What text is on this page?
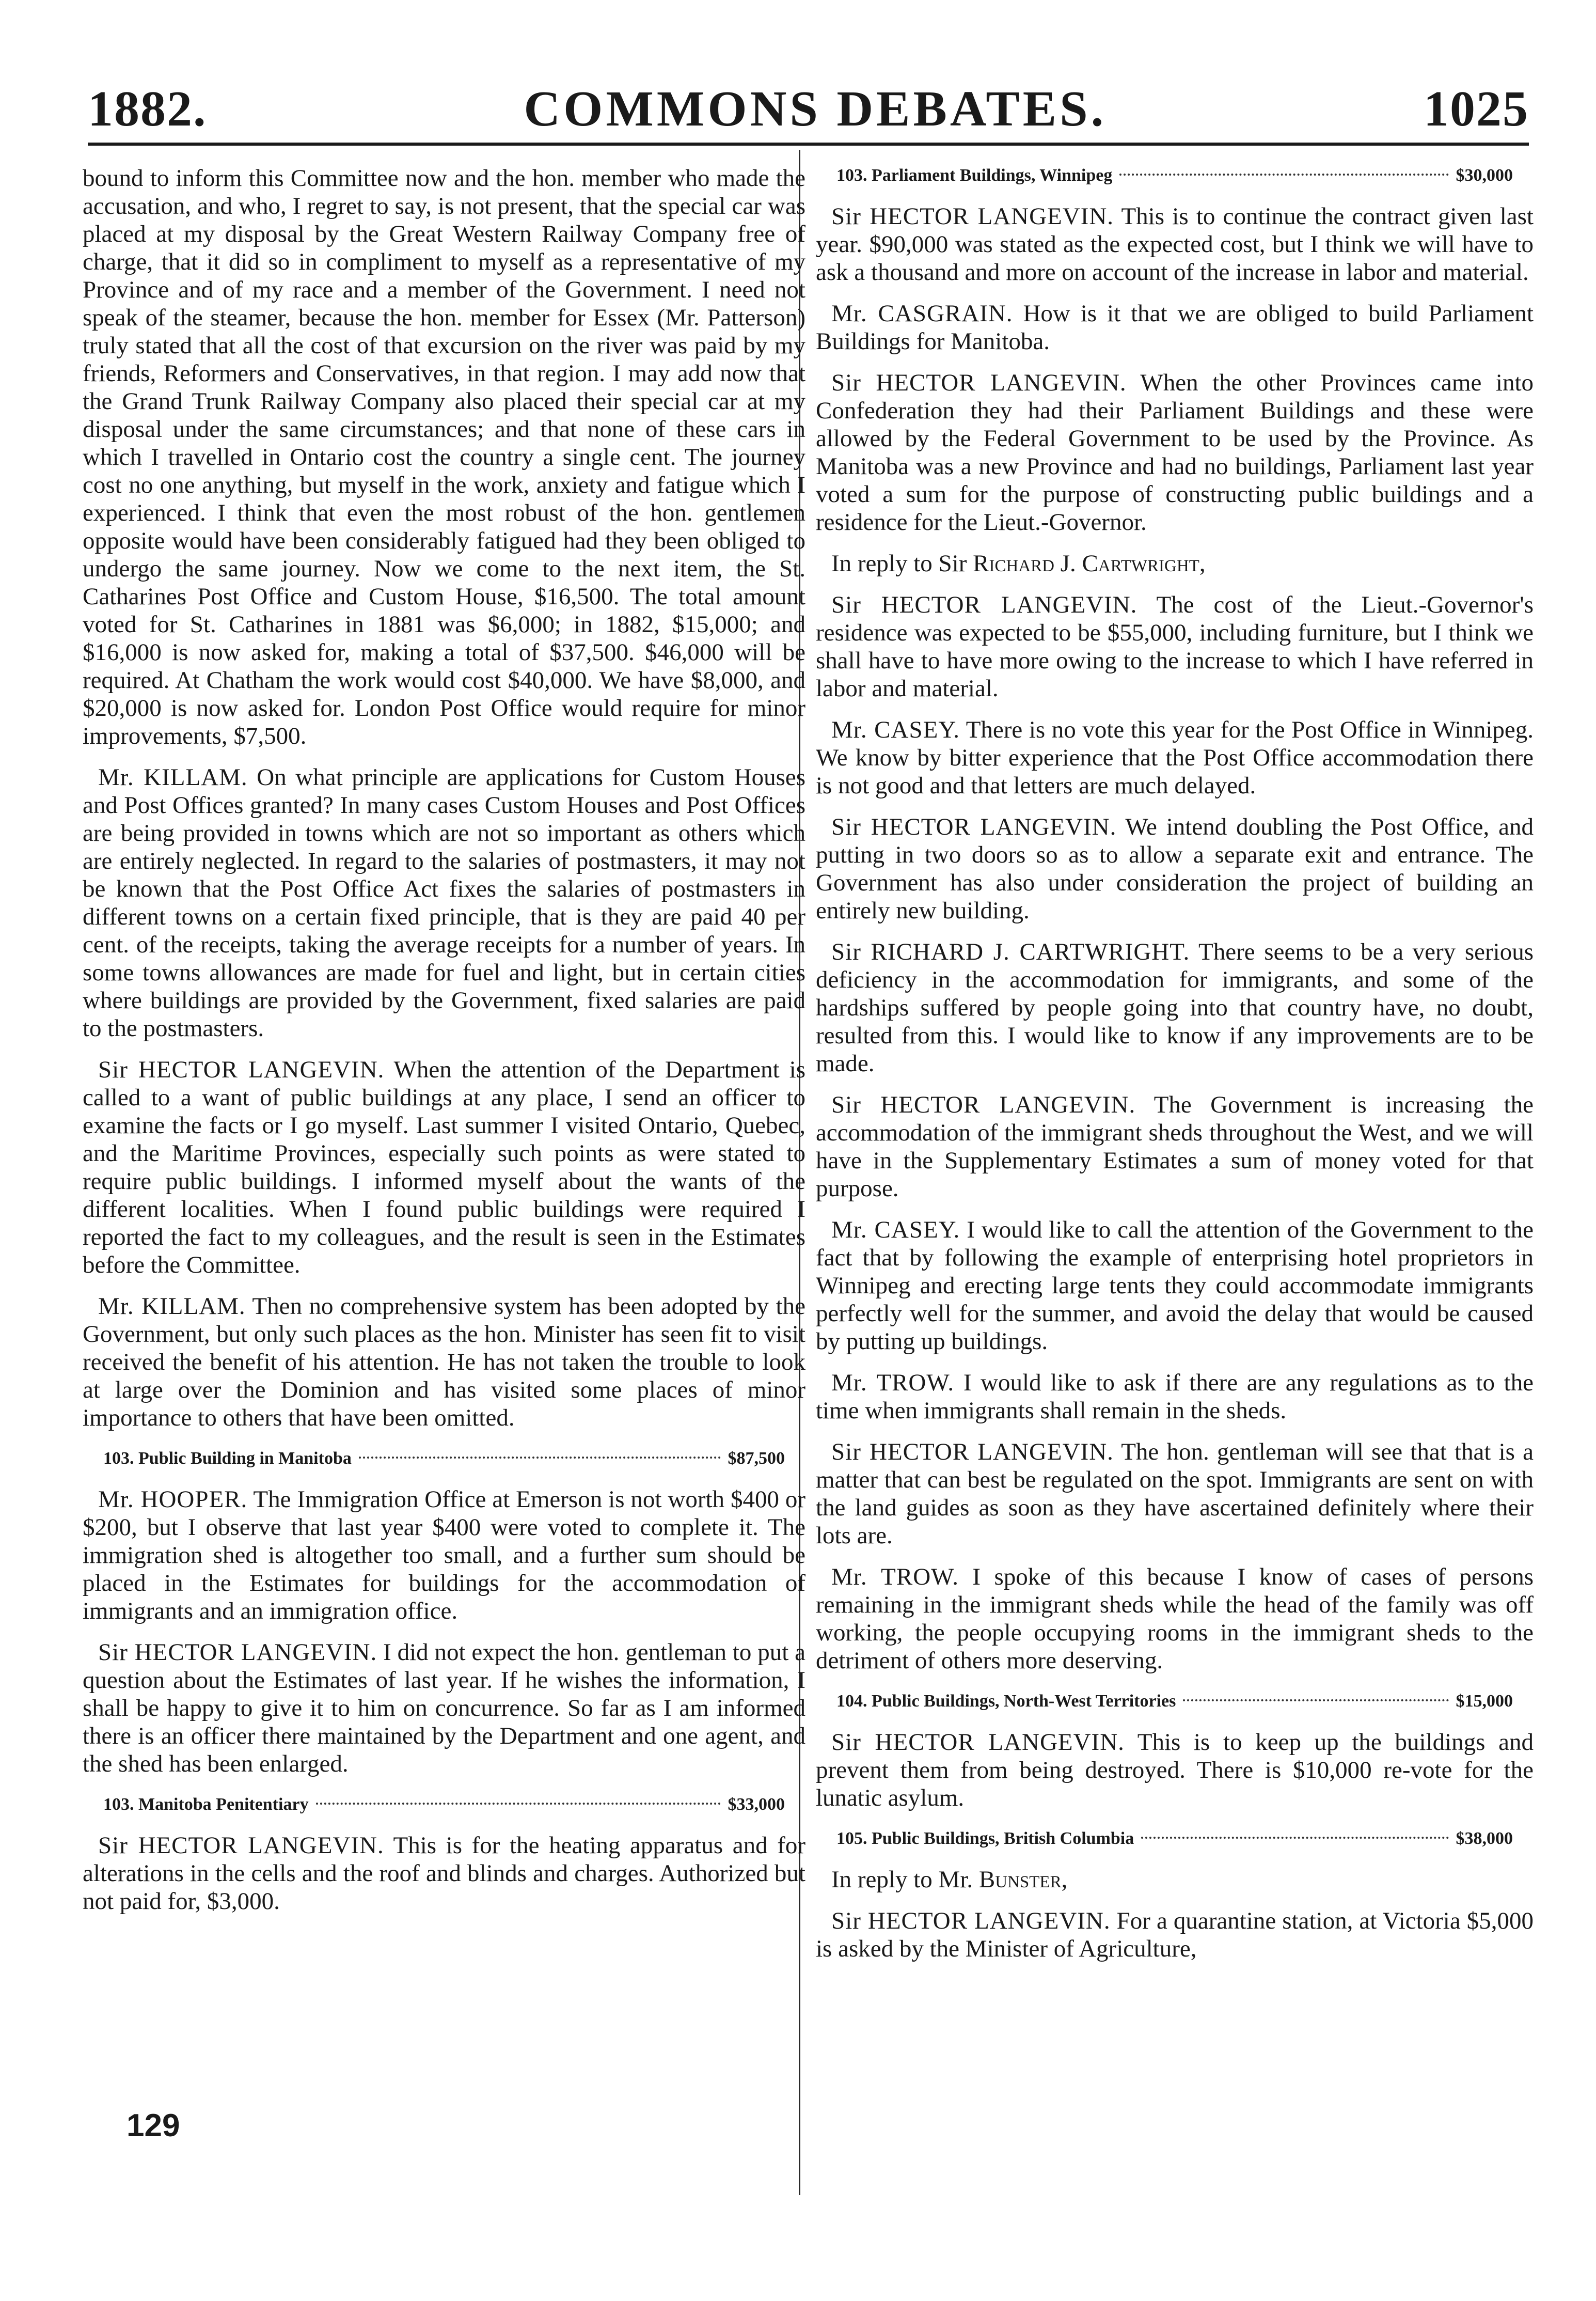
1882.	COMMONS DEBATES.	1025

bound to inform this Committee now and the hon. member who made the accusation, and who, I regret to say, is not present, that the special car was placed at my disposal by the Great Western Railway Company free of charge, that it did so in compliment to myself as a representative of my Province and of my race and a member of the Government. I need not speak of the steamer, because the hon. member for Essex (Mr. Patterson) truly stated that all the cost of that excursion on the river was paid by my friends, Reformers and Conservatives, in that region. I may add now that the Grand Trunk Railway Company also placed their special car at my disposal under the same circumstances; and that none of these cars in which I travelled in Ontario cost the country a single cent. The journey cost no one anything, but myself in the work, anxiety and fatigue which I experienced. I think that even the most robust of the hon. gentlemen opposite would have been considerably fatigued had they been obliged to undergo the same journey. Now we come to the next item, the St. Catharines Post Office and Custom House, $16,500. The total amount voted for St. Catharines in 1881 was $6,000; in 1882, $15,000; and $16,000 is now asked for, making a total of $37,500. $46,000 will be required. At Chatham the work would cost $40,000. We have $8,000, and $20,000 is now asked for. London Post Office would require for minor improvements, $7,500.

Mr. KILLAM. On what principle are applications for Custom Houses and Post Offices granted? In many cases Custom Houses and Post Offices are being provided in towns which are not so important as others which are entirely neglected. In regard to the salaries of postmasters, it may not be known that the Post Office Act fixes the salaries of postmasters in different towns on a certain fixed principle, that is they are paid 40 per cent. of the receipts, taking the average receipts for a number of years. In some towns allowances are made for fuel and light, but in certain cities where buildings are provided by the Government, fixed salaries are paid to the postmasters.

Sir HECTOR LANGEVIN. When the attention of the Department is called to a want of public buildings at any place, I send an officer to examine the facts or I go myself. Last summer I visited Ontario, Quebec, and the Maritime Provinces, especially such points as were stated to require public buildings. I informed myself about the wants of the different localities. When I found public buildings were required I reported the fact to my colleagues, and the result is seen in the Estimates before the Committee.

Mr. KILLAM. Then no comprehensive system has been adopted by the Government, but only such places as the hon. Minister has seen fit to visit received the benefit of his attention. He has not taken the trouble to look at large over the Dominion and has visited some places of minor importance to others that have been omitted.

103. Public Building in Manitoba	$87,500

Mr. HOOPER. The Immigration Office at Emerson is not worth $400 or $200, but I observe that last year $400 were voted to complete it. The immigration shed is altogether too small, and a further sum should be placed in the Estimates for buildings for the accommodation of immigrants and an immigration office.

Sir HECTOR LANGEVIN. I did not expect the hon. gentleman to put a question about the Estimates of last year. If he wishes the information, I shall be happy to give it to him on concurrence. So far as I am informed there is an officer there maintained by the Department and one agent, and the shed has been enlarged.

103. Manitoba Penitentiary	$33,000

Sir HECTOR LANGEVIN. This is for the heating apparatus and for alterations in the cells and the roof and blinds and charges. Authorized but not paid for, $3,000.

103. Parliament Buildings, Winnipeg	$30,000

Sir HECTOR LANGEVIN. This is to continue the contract given last year. $90,000 was stated as the expected cost, but I think we will have to ask a thousand and more on account of the increase in labor and material.

Mr. CASGRAIN. How is it that we are obliged to build Parliament Buildings for Manitoba.

Sir HECTOR LANGEVIN. When the other Provinces came into Confederation they had their Parliament Buildings and these were allowed by the Federal Government to be used by the Province. As Manitoba was a new Province and had no buildings, Parliament last year voted a sum for the purpose of constructing public buildings and a residence for the Lieut.-Governor.

In reply to Sir Richard J. Cartwright,

Sir HECTOR LANGEVIN. The cost of the Lieut.-Governor's residence was expected to be $55,000, including furniture, but I think we shall have to have more owing to the increase to which I have referred in labor and material.

Mr. CASEY. There is no vote this year for the Post Office in Winnipeg. We know by bitter experience that the Post Office accommodation there is not good and that letters are much delayed.

Sir HECTOR LANGEVIN. We intend doubling the Post Office, and putting in two doors so as to allow a separate exit and entrance. The Government has also under consideration the project of building an entirely new building.

Sir RICHARD J. CARTWRIGHT. There seems to be a very serious deficiency in the accommodation for immigrants, and some of the hardships suffered by people going into that country have, no doubt, resulted from this. I would like to know if any improvements are to be made.

Sir HECTOR LANGEVIN. The Government is increasing the accommodation of the immigrant sheds throughout the West, and we will have in the Supplementary Estimates a sum of money voted for that purpose.

Mr. CASEY. I would like to call the attention of the Government to the fact that by following the example of enterprising hotel proprietors in Winnipeg and erecting large tents they could accommodate immigrants perfectly well for the summer, and avoid the delay that would be caused by putting up buildings.

Mr. TROW. I would like to ask if there are any regulations as to the time when immigrants shall remain in the sheds.

Sir HECTOR LANGEVIN. The hon. gentleman will see that that is a matter that can best be regulated on the spot. Immigrants are sent on with the land guides as soon as they have ascertained definitely where their lots are.

Mr. TROW. I spoke of this because I know of cases of persons remaining in the immigrant sheds while the head of the family was off working, the people occupying rooms in the immigrant sheds to the detriment of others more deserving.

104. Public Buildings, North-West Territories	$15,000

Sir HECTOR LANGEVIN. This is to keep up the buildings and prevent them from being destroyed. There is $10,000 re-vote for the lunatic asylum.

105. Public Buildings, British Columbia	$38,000

In reply to Mr. Bunster,

Sir HECTOR LANGEVIN. For a quarantine station, at Victoria $5,000 is asked by the Minister of Agriculture,

129
